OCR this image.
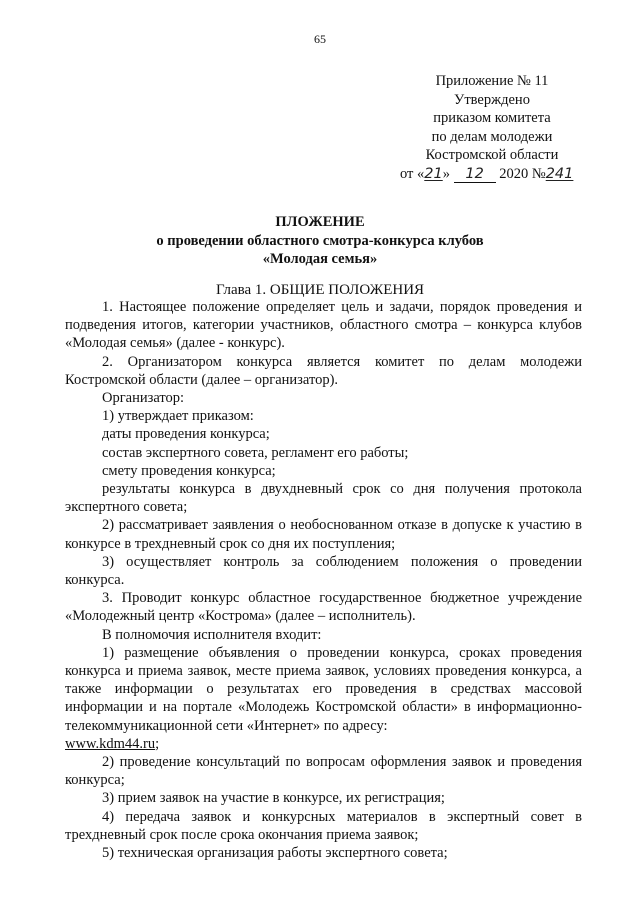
65
Приложение № 11
Утверждено
приказом комитета
по делам молодежи
Костромской области
от «21» 12 2020 №241
ПЛОЖЕНИЕ
о проведении областного смотра-конкурса клубов
«Молодая семья»
Глава 1. ОБЩИЕ ПОЛОЖЕНИЯ

1. Настоящее положение определяет цель и задачи, порядок проведения и подведения итогов, категории участников, областного смотра – конкурса клубов «Молодая семья» (далее - конкурс).

2. Организатором конкурса является комитет по делам молодежи Костромской области (далее – организатор).

Организатор:

1) утверждает приказом:

даты проведения конкурса;

состав экспертного совета, регламент его работы;

смету проведения конкурса;

результаты конкурса в двухдневный срок со дня получения протокола экспертного совета;

2) рассматривает заявления о необоснованном отказе в допуске к участию в конкурсе в трехдневный срок со дня их поступления;

3) осуществляет контроль за соблюдением положения о проведении конкурса.

3. Проводит конкурс областное государственное бюджетное учреждение «Молодежный центр «Кострома» (далее – исполнитель).

В полномочия исполнителя входит:

1) размещение объявления о проведении конкурса, сроках проведения конкурса и приема заявок, месте приема заявок, условиях проведения конкурса, а также информации о результатах его проведения в средствах массовой информации и на портале «Молодежь Костромской области» в информационно-телекоммуникационной сети «Интернет» по адресу:

www.kdm44.ru;

2) проведение консультаций по вопросам оформления заявок и проведения конкурса;

3) прием заявок на участие в конкурсе, их регистрация;

4) передача заявок и конкурсных материалов в экспертный совет в трехдневный срок после срока окончания приема заявок;

5) техническая организация работы экспертного совета;
